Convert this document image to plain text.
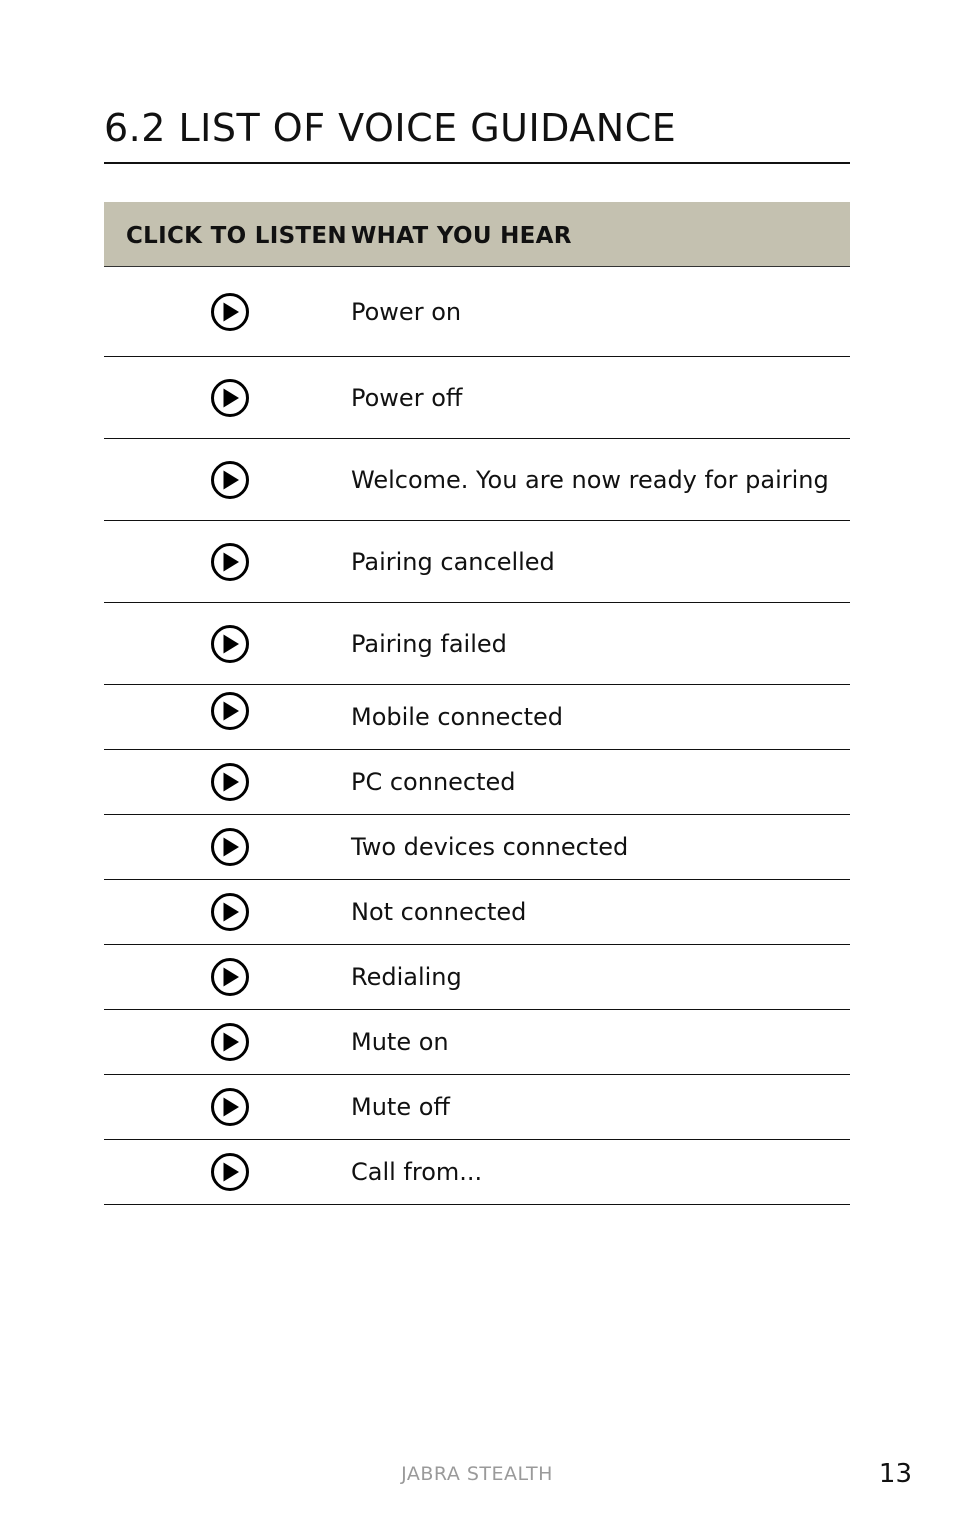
6.2 LIST OF VOICE GUIDANCE
CLICK TO LISTEN WHAT YOU HEAR
Power on
Power off
Welcome. You are now ready for pairing
Pairing cancelled
Pairing failed
Mobile connected
PC connected
Two devices connected
Not connected
Redialing
Mute on
Mute off
Call from...
JABRA STEALTH	13
